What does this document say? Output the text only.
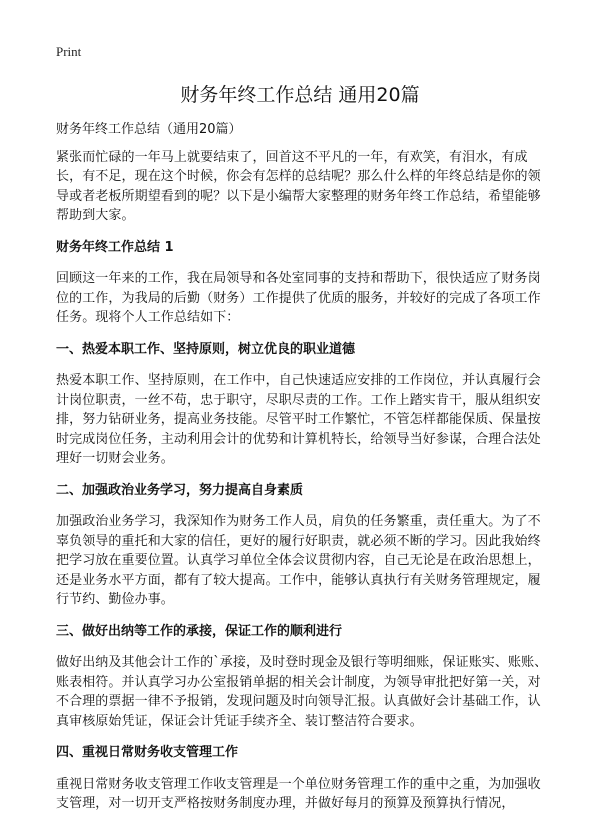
Print
财务年终工作总结 通用20篇

财务年终工作总结（通用20篇）

紧张而忙碌的一年马上就要结束了，回首这不平凡的一年，有欢笑，有泪水，有成长，有不足，现在这个时候，你会有怎样的总结呢？那么什么样的年终总结是你的领导或者老板所期望看到的呢？以下是小编帮大家整理的财务年终工作总结，希望能够帮助到大家。

财务年终工作总结 1

回顾这一年来的工作，我在局领导和各处室同事的支持和帮助下，很快适应了财务岗位的工作，为我局的后勤（财务）工作提供了优质的服务，并较好的完成了各项工作任务。现将个人工作总结如下：

一、热爱本职工作、坚持原则，树立优良的职业道德

热爱本职工作、坚持原则，在工作中，自己快速适应安排的工作岗位，并认真履行会计岗位职责，一丝不苟，忠于职守，尽职尽责的工作。工作上踏实肯干，服从组织安排，努力钻研业务，提高业务技能。尽管平时工作繁忙，不管怎样都能保质、保量按时完成岗位任务，主动利用会计的优势和计算机特长，给领导当好参谋，合理合法处理好一切财会业务。

二、加强政治业务学习，努力提高自身素质

加强政治业务学习，我深知作为财务工作人员，肩负的任务繁重，责任重大。为了不辜负领导的重托和大家的信任，更好的履行好职责，就必须不断的学习。因此我始终把学习放在重要位置。认真学习单位全体会议贯彻内容，自己无论是在政治思想上，还是业务水平方面，都有了较大提高。工作中，能够认真执行有关财务管理规定，履行节约、勤俭办事。

三、做好出纳等工作的承接，保证工作的顺利进行

做好出纳及其他会计工作的`承接，及时登时现金及银行等明细账，保证账实、账账、账表相符。并认真学习办公室报销单据的相关会计制度，为领导审批把好第一关，对不合理的票据一律不予报销，发现问题及时向领导汇报。认真做好会计基础工作，认真审核原始凭证，保证会计凭证手续齐全、装订整洁符合要求。

四、重视日常财务收支管理工作

重视日常财务收支管理工作收支管理是一个单位财务管理工作的重中之重，为加强收支管理，对一切开支严格按财务制度办理，并做好每月的预算及预算执行情况，
